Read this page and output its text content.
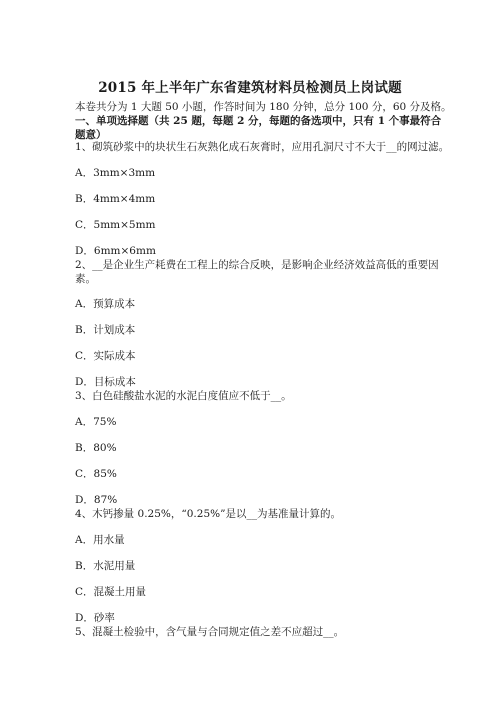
2015 年上半年广东省建筑材料员检测员上岗试题
本卷共分为 1 大题 50 小题，作答时间为 180 分钟，总分 100 分，60 分及格。
一、单项选择题（共 25 题，每题 2 分，每题的备选项中，只有 1 个事最符合题意）
1、砌筑砂浆中的块状生石灰熟化成石灰膏时，应用孔洞尺寸不大于__的网过滤。
A．3mm×3mm
B．4mm×4mm
C．5mm×5mm
D．6mm×6mm
2、__是企业生产耗费在工程上的综合反映，是影响企业经济效益高低的重要因素。
A．预算成本
B．计划成本
C．实际成本
D．目标成本
3、白色硅酸盐水泥的水泥白度值应不低于__。
A．75%
B．80%
C．85%
D．87%
4、木钙掺量 0.25%，“0.25%”是以__为基准量计算的。
A．用水量
B．水泥用量
C．混凝土用量
D．砂率
5、混凝土检验中，含气量与合同规定值之差不应超过__。
